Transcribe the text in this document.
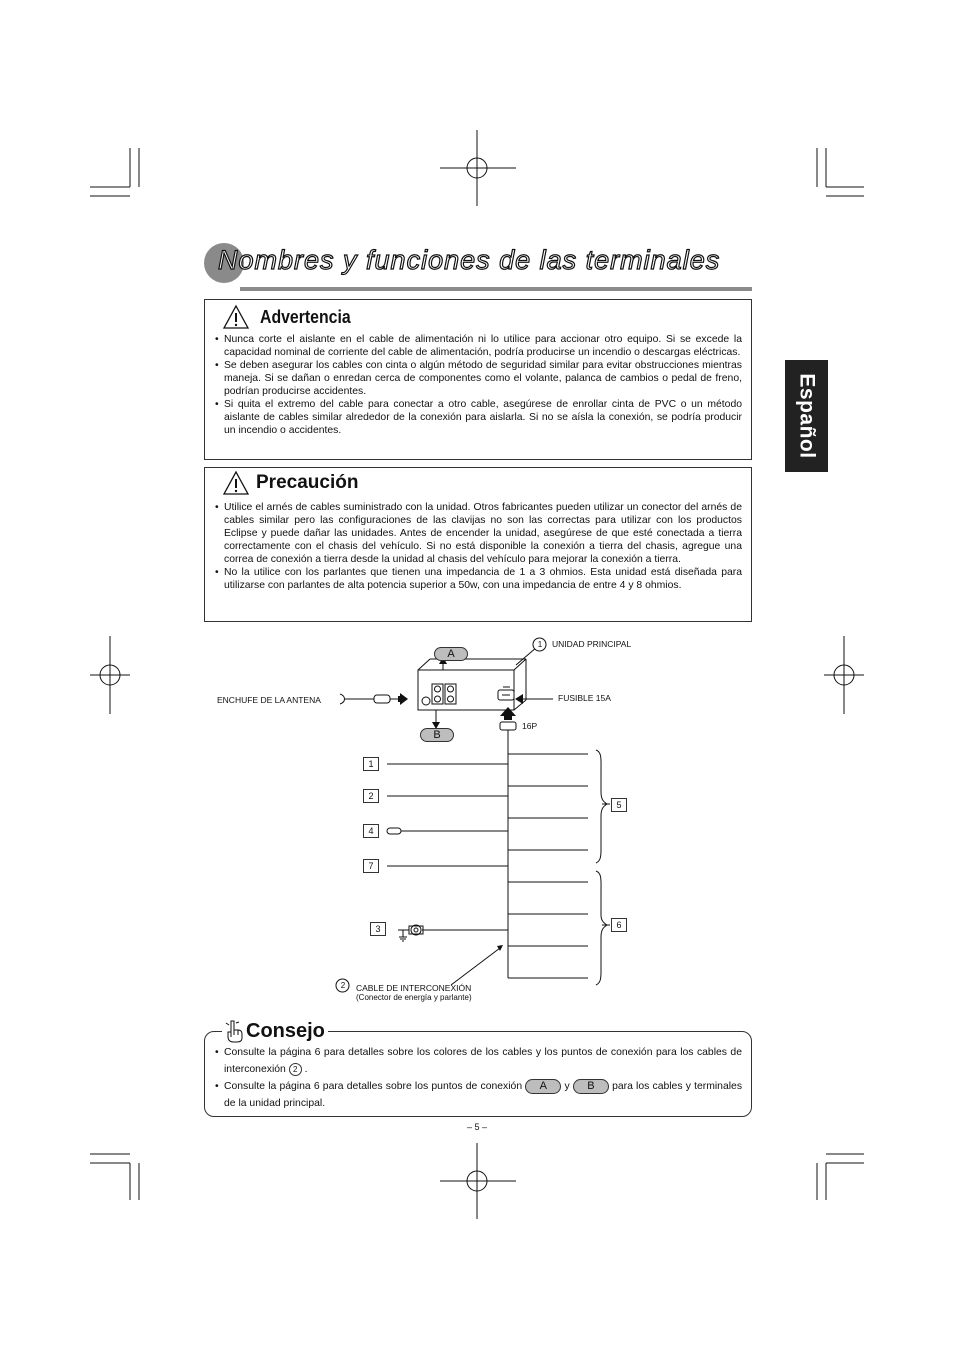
Nombres y funciones de las terminales
Español
Advertencia

• Nunca corte el aislante en el cable de alimentación ni lo utilice para accionar otro equipo. Si se excede la capacidad nominal de corriente del cable de alimentación, podría producirse un incendio o descargas eléctricas.

• Se deben asegurar los cables con cinta o algún método de seguridad similar para evitar obstrucciones mientras maneja. Si se dañan o enredan cerca de componentes como el volante, palanca de cambios o pedal de freno, podrían producirse accidentes.

• Si quita el extremo del cable para conectar a otro cable, asegúrese de enrollar cinta de PVC o un método aislante de cables similar alrededor de la conexión para aislarla. Si no se aísla la conexión, se podría producir un incendio o accidentes.

Precaución

• Utilice el arnés de cables suministrado con la unidad. Otros fabricantes pueden utilizar un conector del arnés de cables similar pero las configuraciones de las clavijas no son las correctas para utilizar con los productos Eclipse y puede dañar las unidades. Antes de encender la unidad, asegúrese de que esté conectada a tierra correctamente con el chasis del vehículo. Si no está disponible la conexión a tierra del chasis, agregue una correa de conexión a tierra desde la unidad al chasis del vehículo para mejorar la conexión a tierra.

• No la utilice con los parlantes que tienen una impedancia de 1 a 3 ohmios. Esta unidad está diseñada para utilizarse con parlantes de alta potencia superior a 50w, con una impedancia de entre 4 y 8 ohmios.

1 UNIDAD PRINCIPAL
ENCHUFE DE LA ANTENA	FUSIBLE 15A
16P
A
B
1
2
4
7
3
5
6
2 CABLE DE INTERCONEXIÓN
(Conector de energía y parlante)

• Consulte la página 6 para detalles sobre los colores de los cables y los puntos de conexión para los cables de interconexión 2 .

• Consulte la página 6 para detalles sobre los puntos de conexión A y B para los cables y terminales de la unidad principal.

Consejo
– 5 –
